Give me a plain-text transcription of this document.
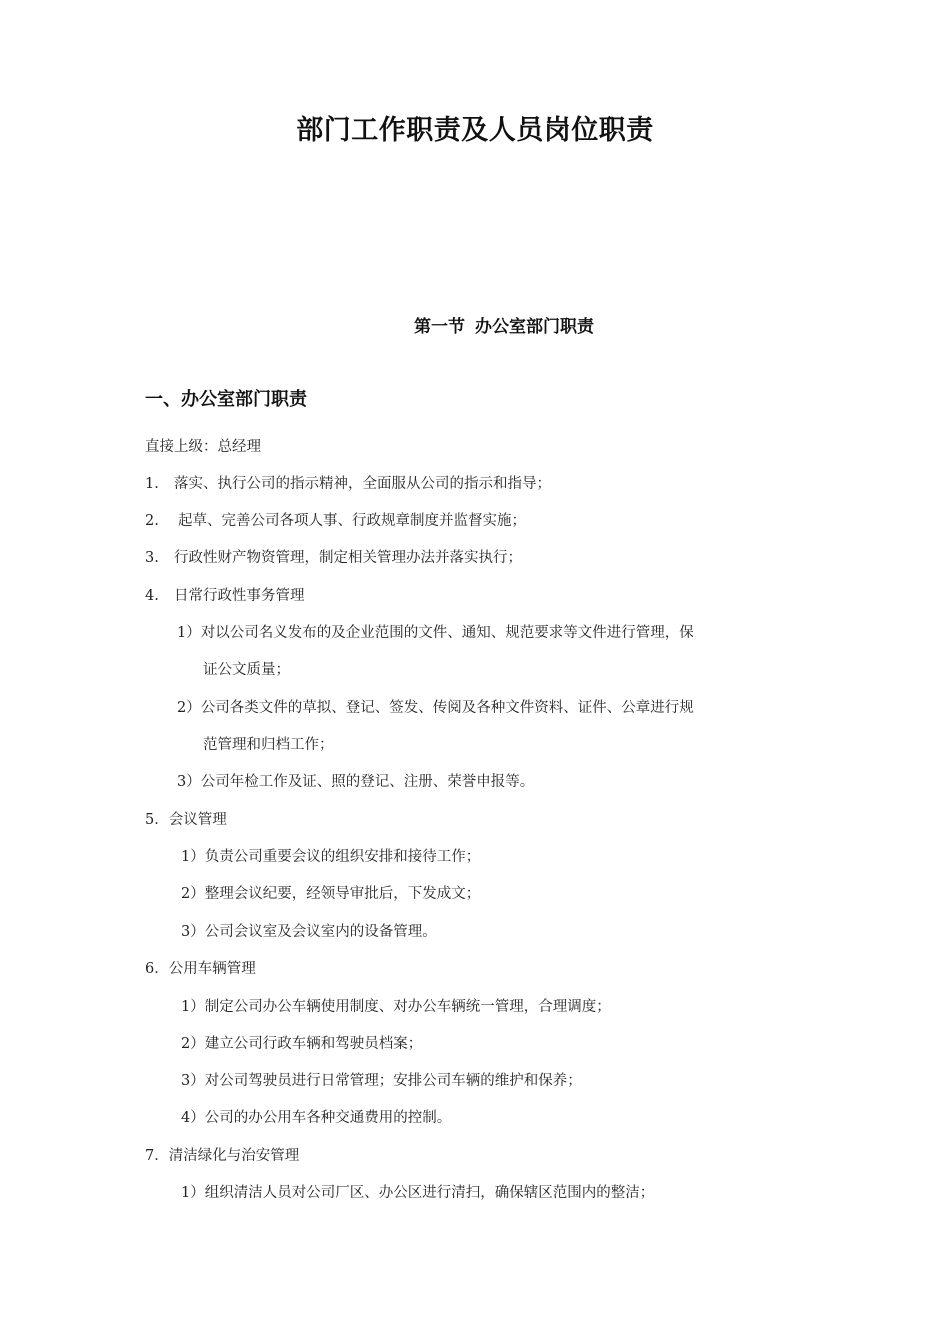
部门工作职责及人员岗位职责
第一节 办公室部门职责
一、办公室部门职责
直接上级：总经理
1. 落实、执行公司的指示精神，全面服从公司的指示和指导；
2. 起草、完善公司各项人事、行政规章制度并监督实施；
3. 行政性财产物资管理，制定相关管理办法并落实执行；
4. 日常行政性事务管理
1）对以公司名义发布的及企业范围的文件、通知、规范要求等文件进行管理，保
证公文质量；
2）公司各类文件的草拟、登记、签发、传阅及各种文件资料、证件、公章进行规
范管理和归档工作；
3）公司年检工作及证、照的登记、注册、荣誉申报等。
5．会议管理
1）负责公司重要会议的组织安排和接待工作；
2）整理会议纪要，经领导审批后，下发成文；
3）公司会议室及会议室内的设备管理。
6．公用车辆管理
1）制定公司办公车辆使用制度、对办公车辆统一管理，合理调度；
2）建立公司行政车辆和驾驶员档案；
3）对公司驾驶员进行日常管理；安排公司车辆的维护和保养；
4）公司的办公用车各种交通费用的控制。
7．清洁绿化与治安管理
1）组织清洁人员对公司厂区、办公区进行清扫，确保辖区范围内的整洁；
